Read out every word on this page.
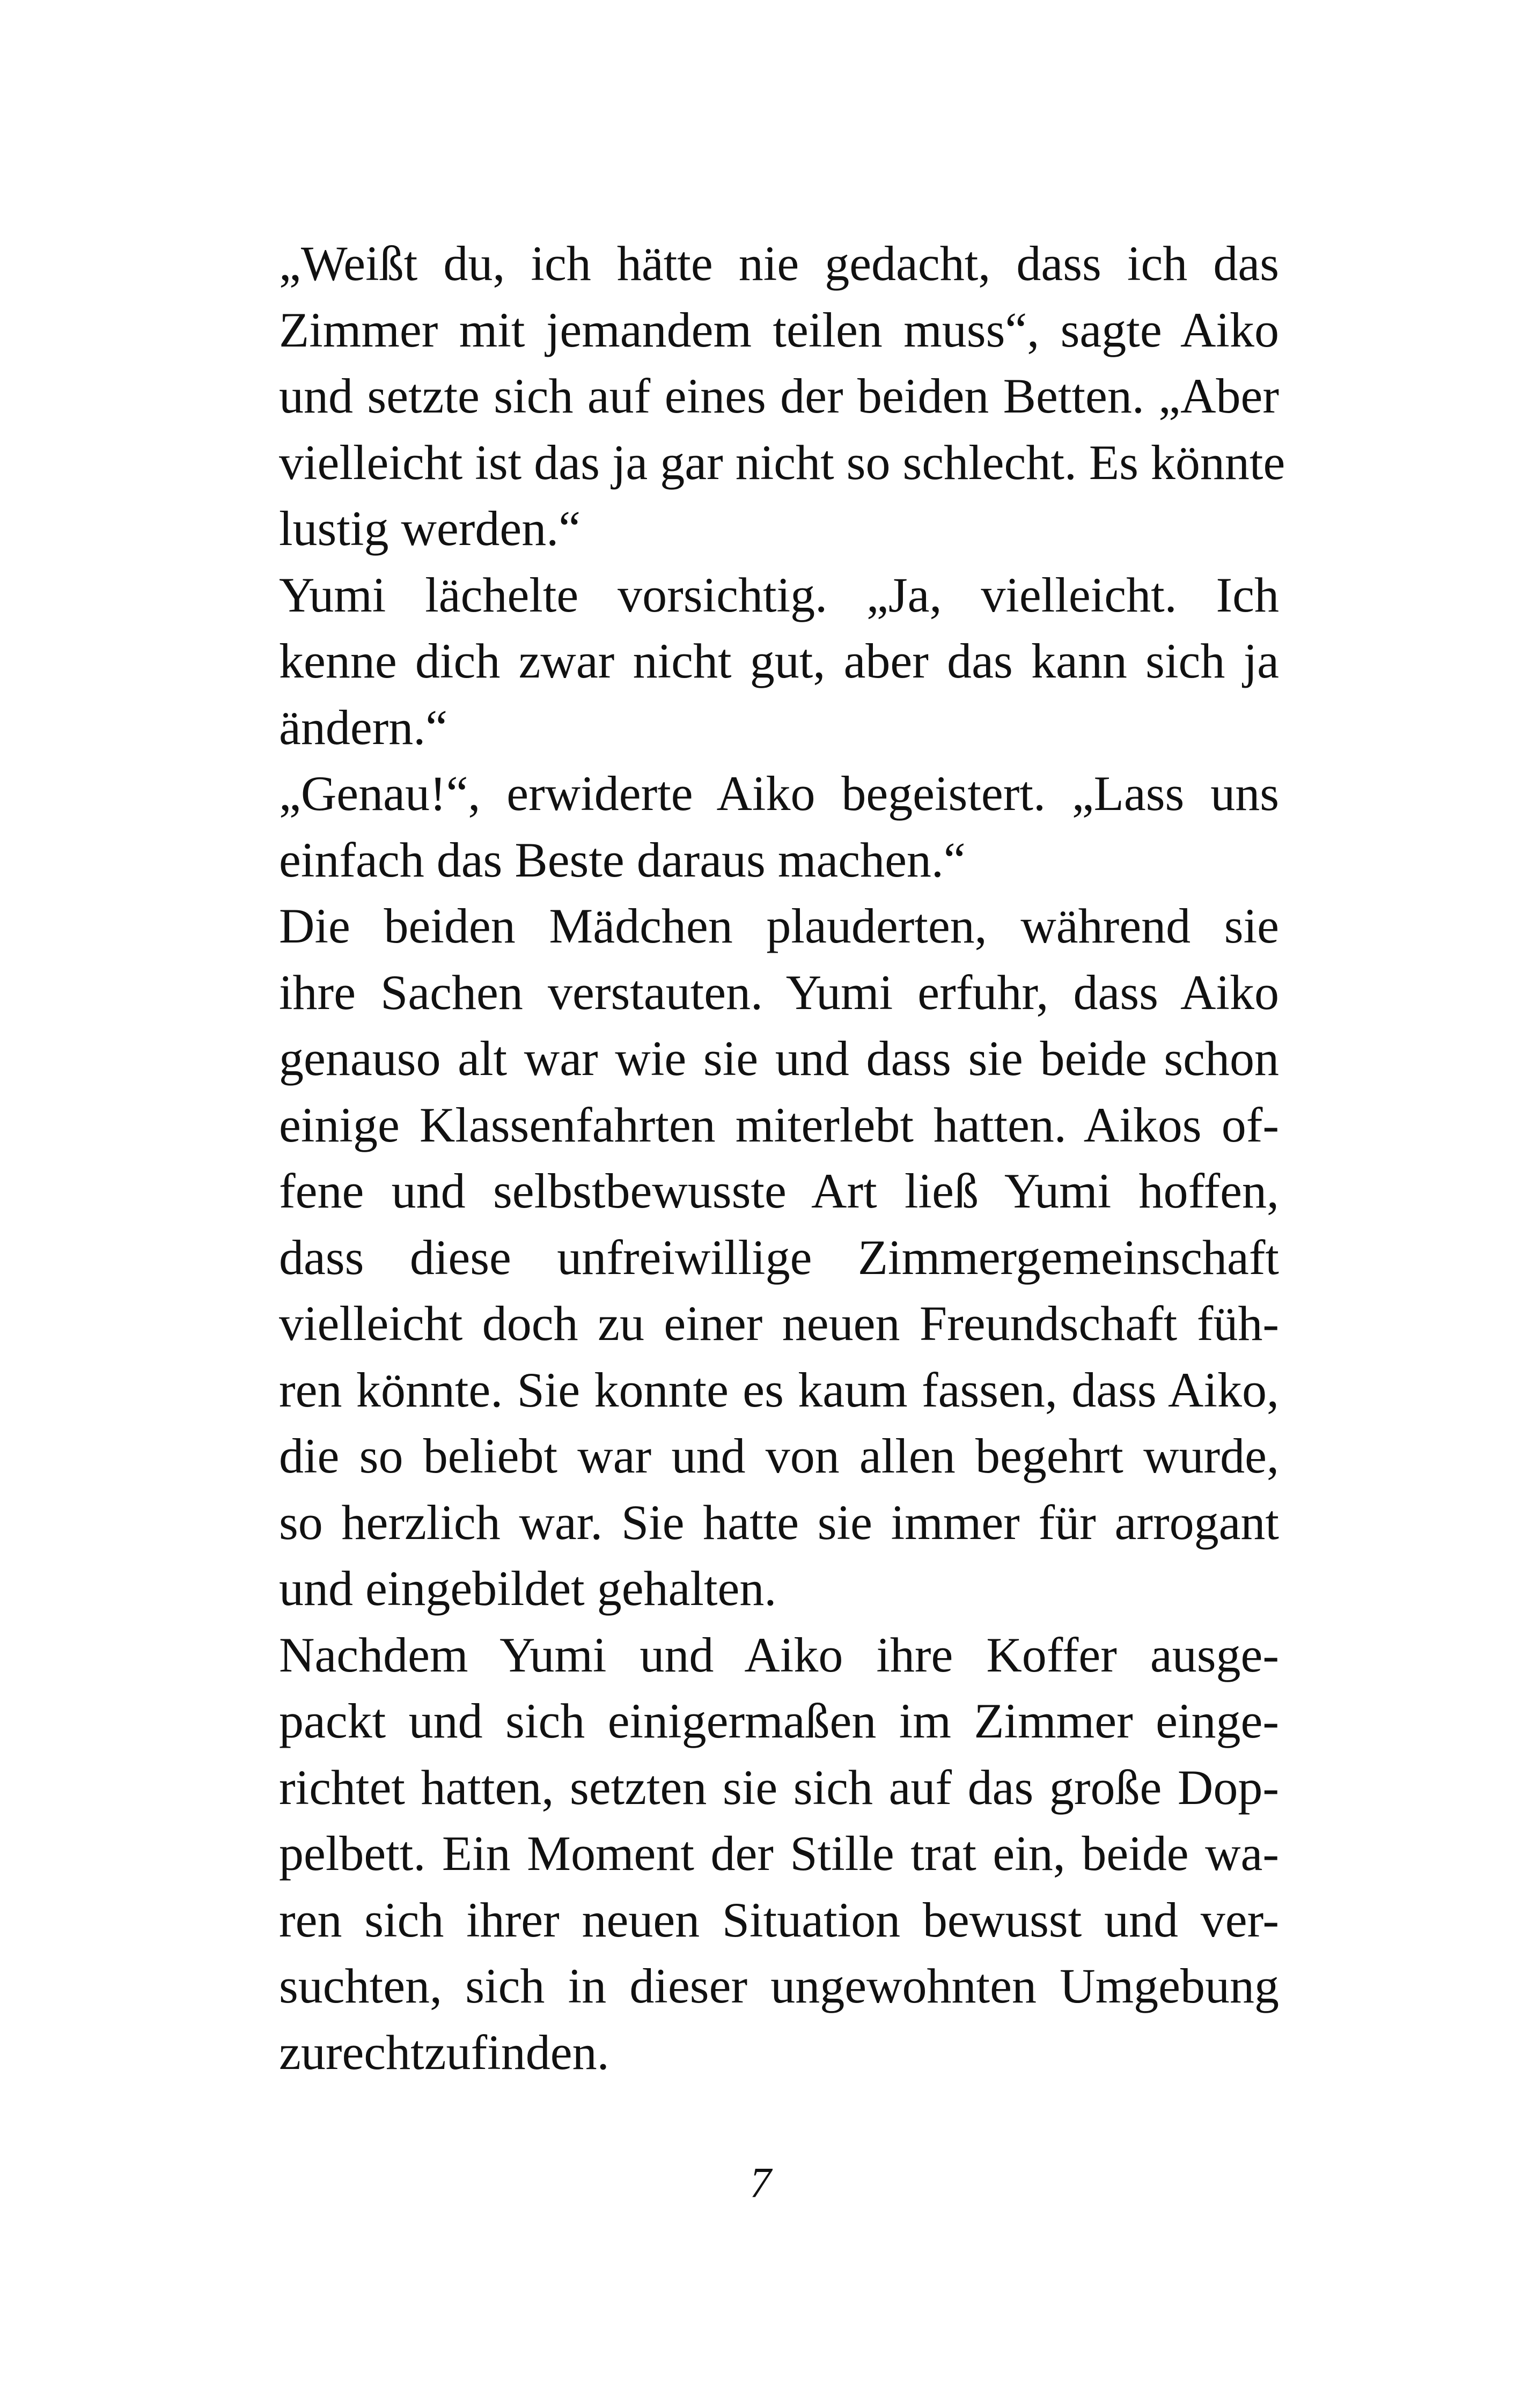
„Weißt du, ich hätte nie gedacht, dass ich das
Zimmer mit jemandem teilen muss“, sagte Aiko
und setzte sich auf eines der beiden Betten. „Aber
vielleicht ist das ja gar nicht so schlecht. Es könnte
lustig werden.“

Yumi lächelte vorsichtig. „Ja, vielleicht. Ich
kenne dich zwar nicht gut, aber das kann sich ja
ändern.“

„Genau!“, erwiderte Aiko begeistert. „Lass uns
einfach das Beste daraus machen.“

Die beiden Mädchen plauderten, während sie
ihre Sachen verstauten. Yumi erfuhr, dass Aiko
genauso alt war wie sie und dass sie beide schon
einige Klassenfahrten miterlebt hatten. Aikos of-
fene und selbstbewusste Art ließ Yumi hoffen,
dass diese unfreiwillige Zimmergemeinschaft
vielleicht doch zu einer neuen Freundschaft füh-
ren könnte. Sie konnte es kaum fassen, dass Aiko,
die so beliebt war und von allen begehrt wurde,
so herzlich war. Sie hatte sie immer für arrogant
und eingebildet gehalten.

Nachdem Yumi und Aiko ihre Koffer ausge-
packt und sich einigermaßen im Zimmer einge-
richtet hatten, setzten sie sich auf das große Dop-
pelbett. Ein Moment der Stille trat ein, beide wa-
ren sich ihrer neuen Situation bewusst und ver-
suchten, sich in dieser ungewohnten Umgebung
zurechtzufinden.

7
